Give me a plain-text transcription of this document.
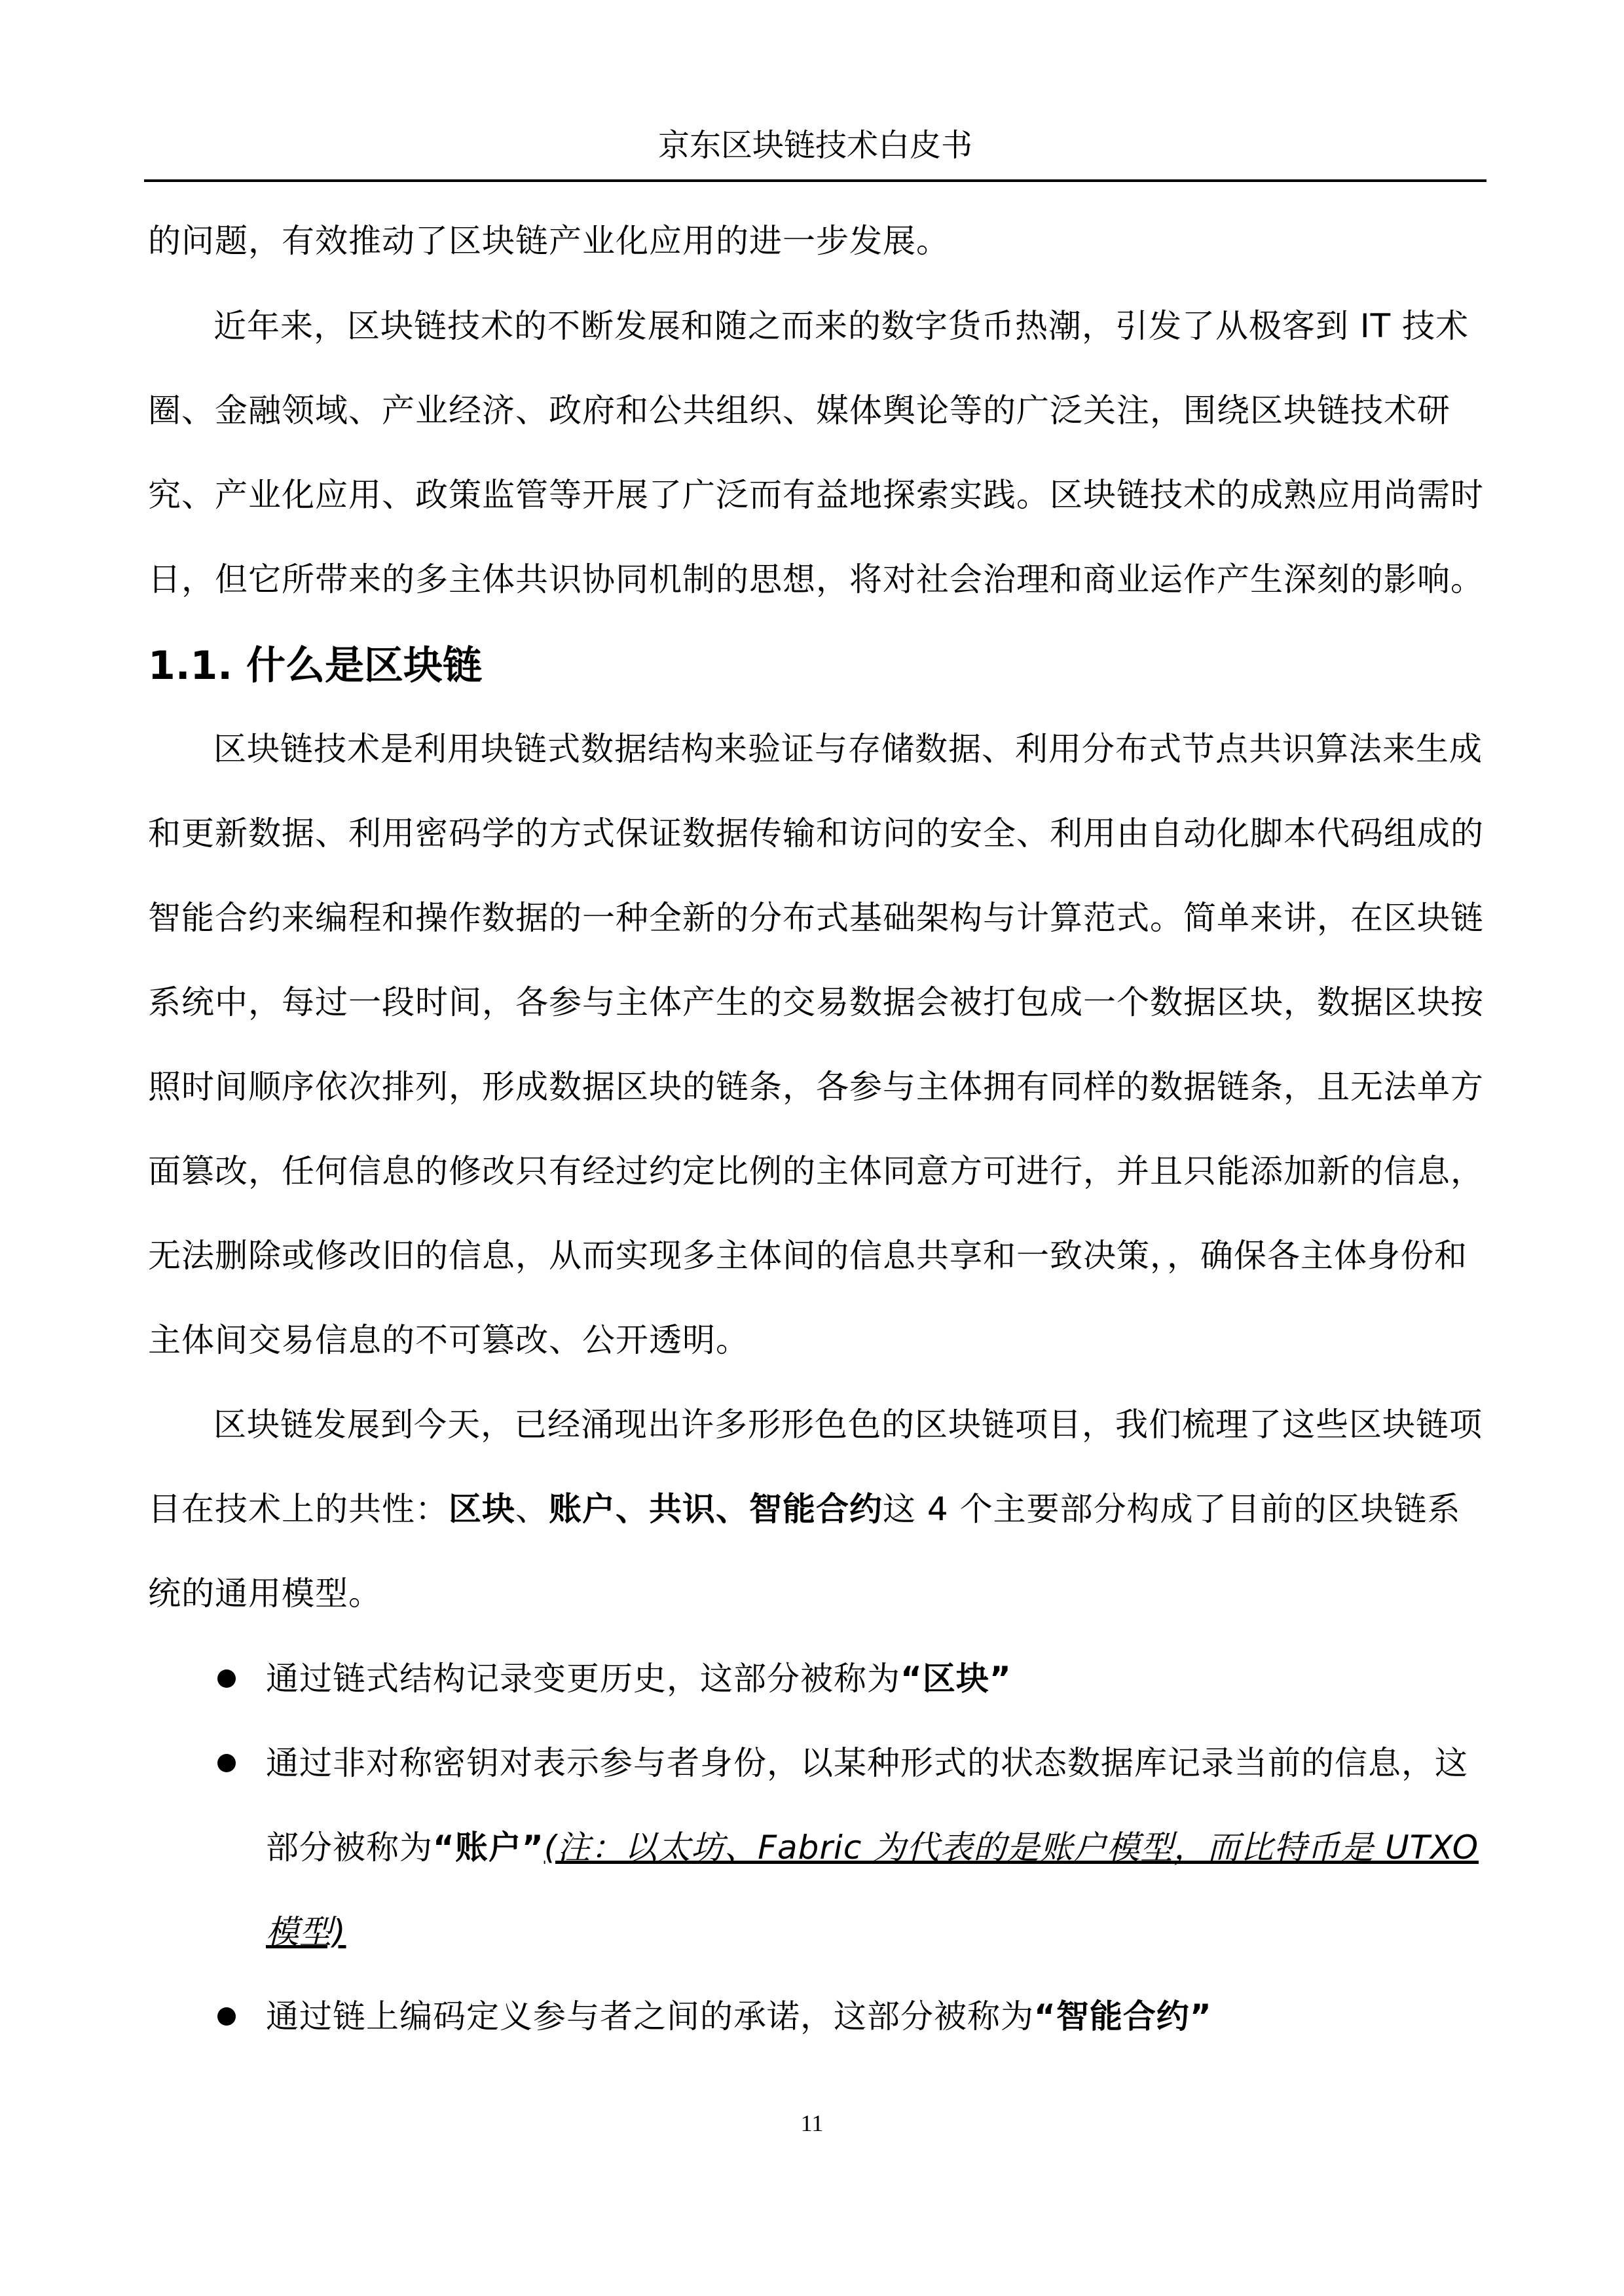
京东区块链技术白皮书

的问题，有效推动了区块链产业化应用的进一步发展。

近年来，区块链技术的不断发展和随之而来的数字货币热潮，引发了从极客到 IT 技术圈、金融领域、产业经济、政府和公共组织、媒体舆论等的广泛关注，围绕区块链技术研究、产业化应用、政策监管等开展了广泛而有益地探索实践。区块链技术的成熟应用尚需时日，但它所带来的多主体共识协同机制的思想，将对社会治理和商业运作产生深刻的影响。

1.1. 什么是区块链

区块链技术是利用块链式数据结构来验证与存储数据、利用分布式节点共识算法来生成和更新数据、利用密码学的方式保证数据传输和访问的安全、利用由自动化脚本代码组成的智能合约来编程和操作数据的一种全新的分布式基础架构与计算范式。简单来讲，在区块链系统中，每过一段时间，各参与主体产生的交易数据会被打包成一个数据区块，数据区块按照时间顺序依次排列，形成数据区块的链条，各参与主体拥有同样的数据链条，且无法单方面篡改，任何信息的修改只有经过约定比例的主体同意方可进行，并且只能添加新的信息，无法删除或修改旧的信息，从而实现多主体间的信息共享和一致决策，，确保各主体身份和主体间交易信息的不可篡改、公开透明。

区块链发展到今天，已经涌现出许多形形色色的区块链项目，我们梳理了这些区块链项目在技术上的共性：区块、账户、共识、智能合约这 4 个主要部分构成了目前的区块链系统的通用模型。

通过链式结构记录变更历史，这部分被称为“区块”
通过非对称密钥对表示参与者身份，以某种形式的状态数据库记录当前的信息，这部分被称为“账户”(注：以太坊、Fabric 为代表的是账户模型，而比特币是 UTXO 模型)
通过链上编码定义参与者之间的承诺，这部分被称为“智能合约”
11
